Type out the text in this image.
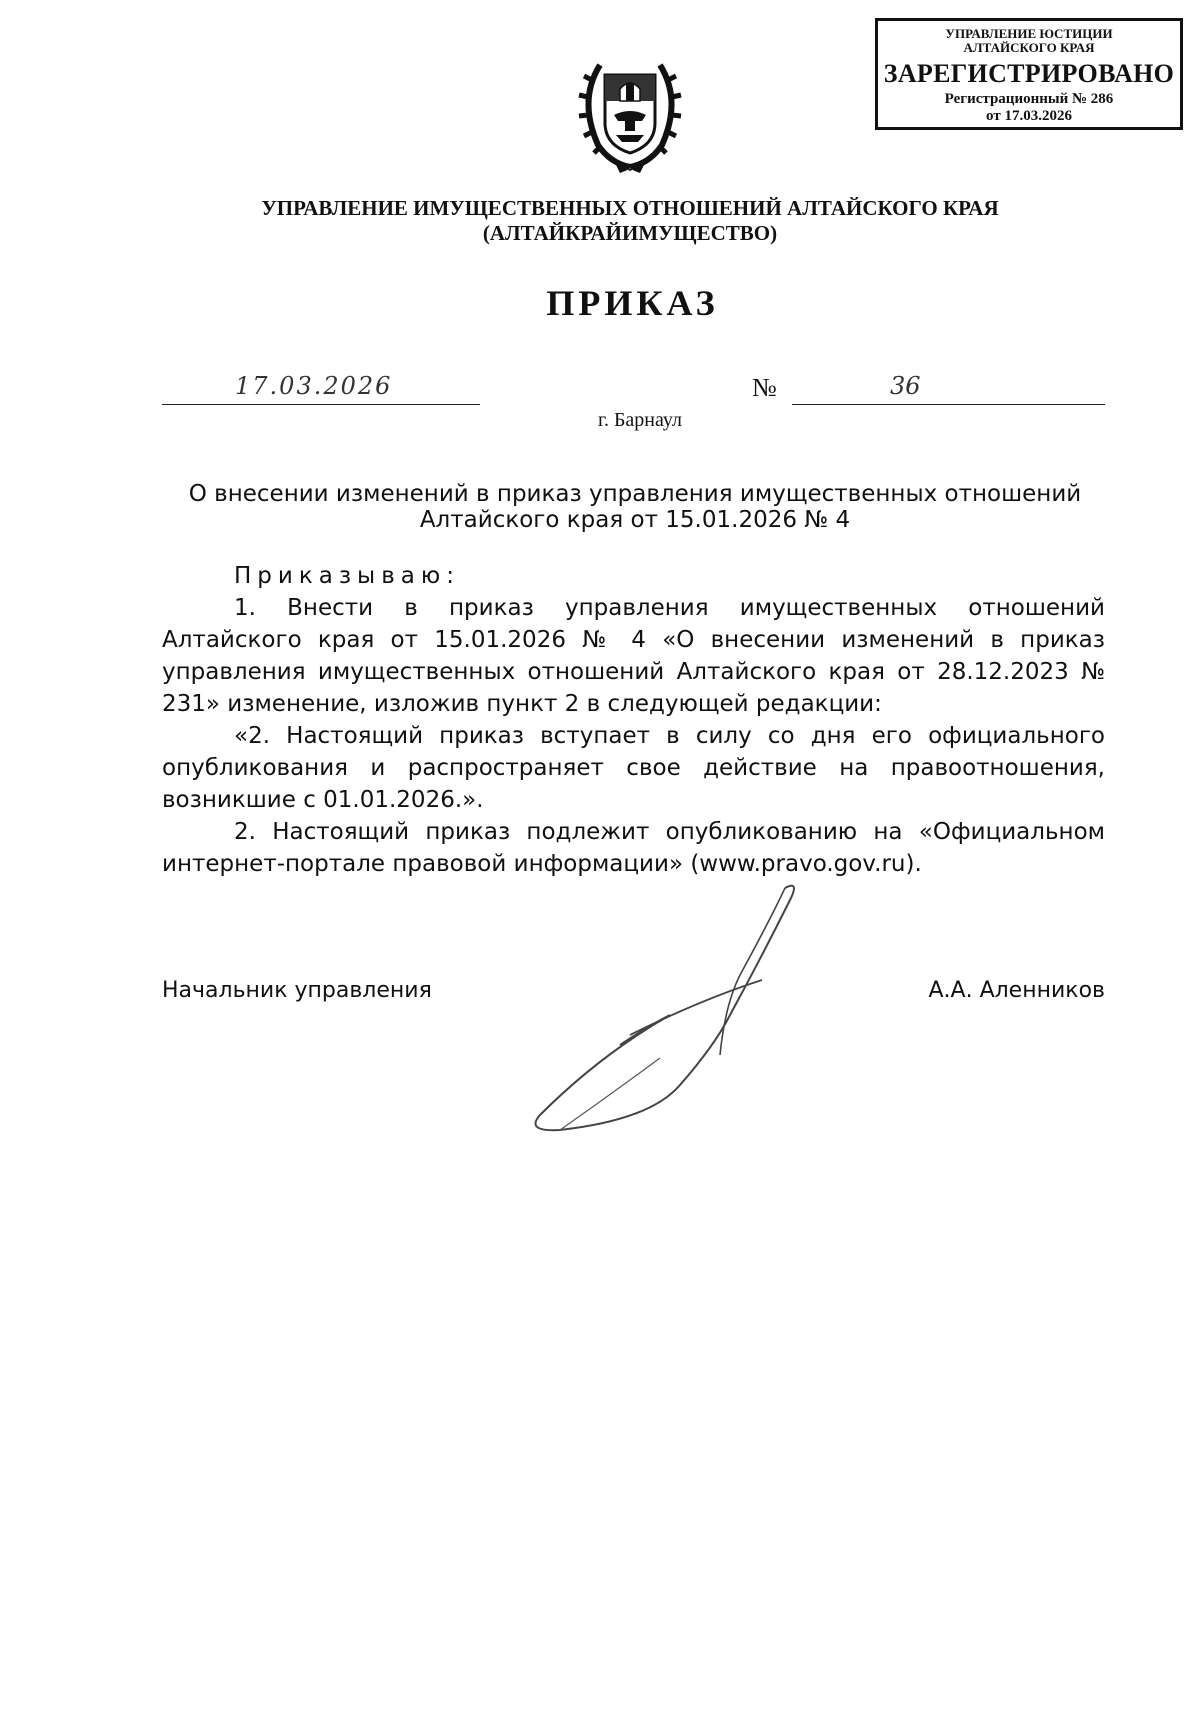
УПРАВЛЕНИЕ ЮСТИЦИИ
АЛТАЙСКОГО КРАЯ
ЗАРЕГИСТРИРОВАНО
Регистрационный № 286
от 17.03.2026
УПРАВЛЕНИЕ ИМУЩЕСТВЕННЫХ ОТНОШЕНИЙ АЛТАЙСКОГО КРАЯ
(АЛТАЙКРАЙИМУЩЕСТВО)
ПРИКАЗ
17.03.2026	№	36
г. Барнаул
О внесении изменений в приказ управления имущественных отношений
Алтайского края от 15.01.2026 № 4

Приказываю:

1. Внести в приказ управления имущественных отношений Алтайского края от 15.01.2026 № 4 «О внесении изменений в приказ управления имущественных отношений Алтайского края от 28.12.2023 № 231» изменение, изложив пункт 2 в следующей редакции:

«2. Настоящий приказ вступает в силу со дня его официального опубликования и распространяет свое действие на правоотношения, возникшие с 01.01.2026.».

2. Настоящий приказ подлежит опубликованию на «Официальном интернет-портале правовой информации» (www.pravo.gov.ru).

Начальник управления	А.А. Аленников
